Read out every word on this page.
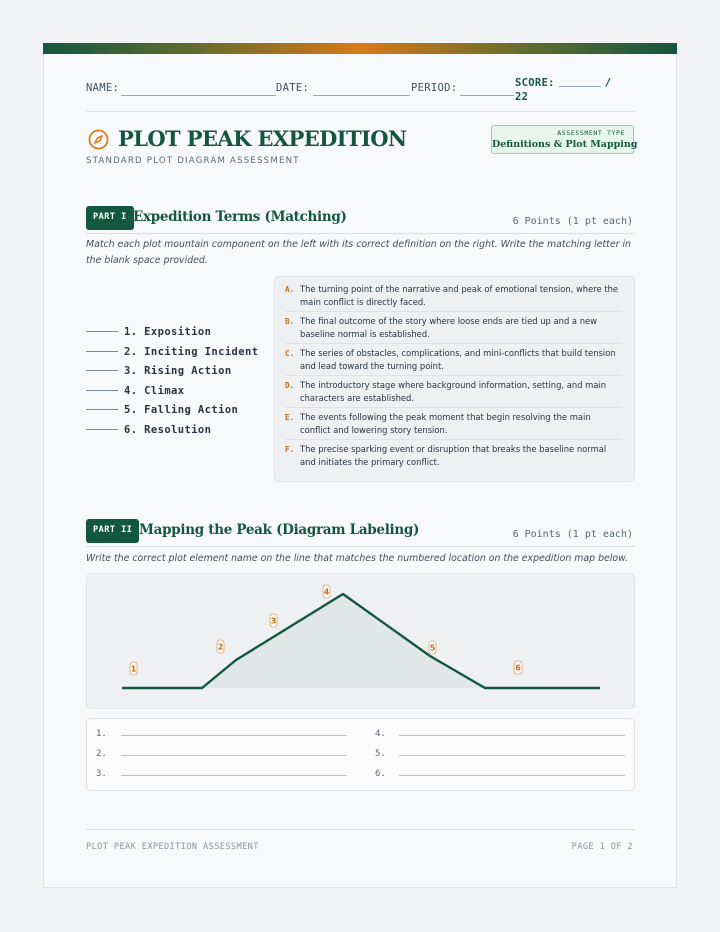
NAME:	DATE:	PERIOD:	SCORE:	/ 22
PLOT PEAK EXPEDITION
STANDARD PLOT DIAGRAM ASSESSMENT
ASSESSMENT TYPE
Definitions & Plot Mapping
PART I Expedition Terms (Matching)	6 Points (1 pt each)
Match each plot mountain component on the left with its correct definition on the right. Write the matching letter in the blank space provided.
1. Exposition
2. Inciting Incident
3. Rising Action
4. Climax
5. Falling Action
6. Resolution
A. The turning point of the narrative and peak of emotional tension, where the main conflict is directly faced.
B. The final outcome of the story where loose ends are tied up and a new baseline normal is established.
C. The series of obstacles, complications, and mini-conflicts that build tension and lead toward the turning point.
D. The introductory stage where background information, setting, and main characters are established.
E. The events following the peak moment that begin resolving the main conflict and lowering story tension.
F. The precise sparking event or disruption that breaks the baseline normal and initiates the primary conflict.
PART II Mapping the Peak (Diagram Labeling)	6 Points (1 pt each)
Write the correct plot element name on the line that matches the numbered location on the expedition map below.
1
2
3
4
5
6
1.
2.
3.
4.
5.
6.
PLOT PEAK EXPEDITION ASSESSMENT	PAGE 1 OF 2
